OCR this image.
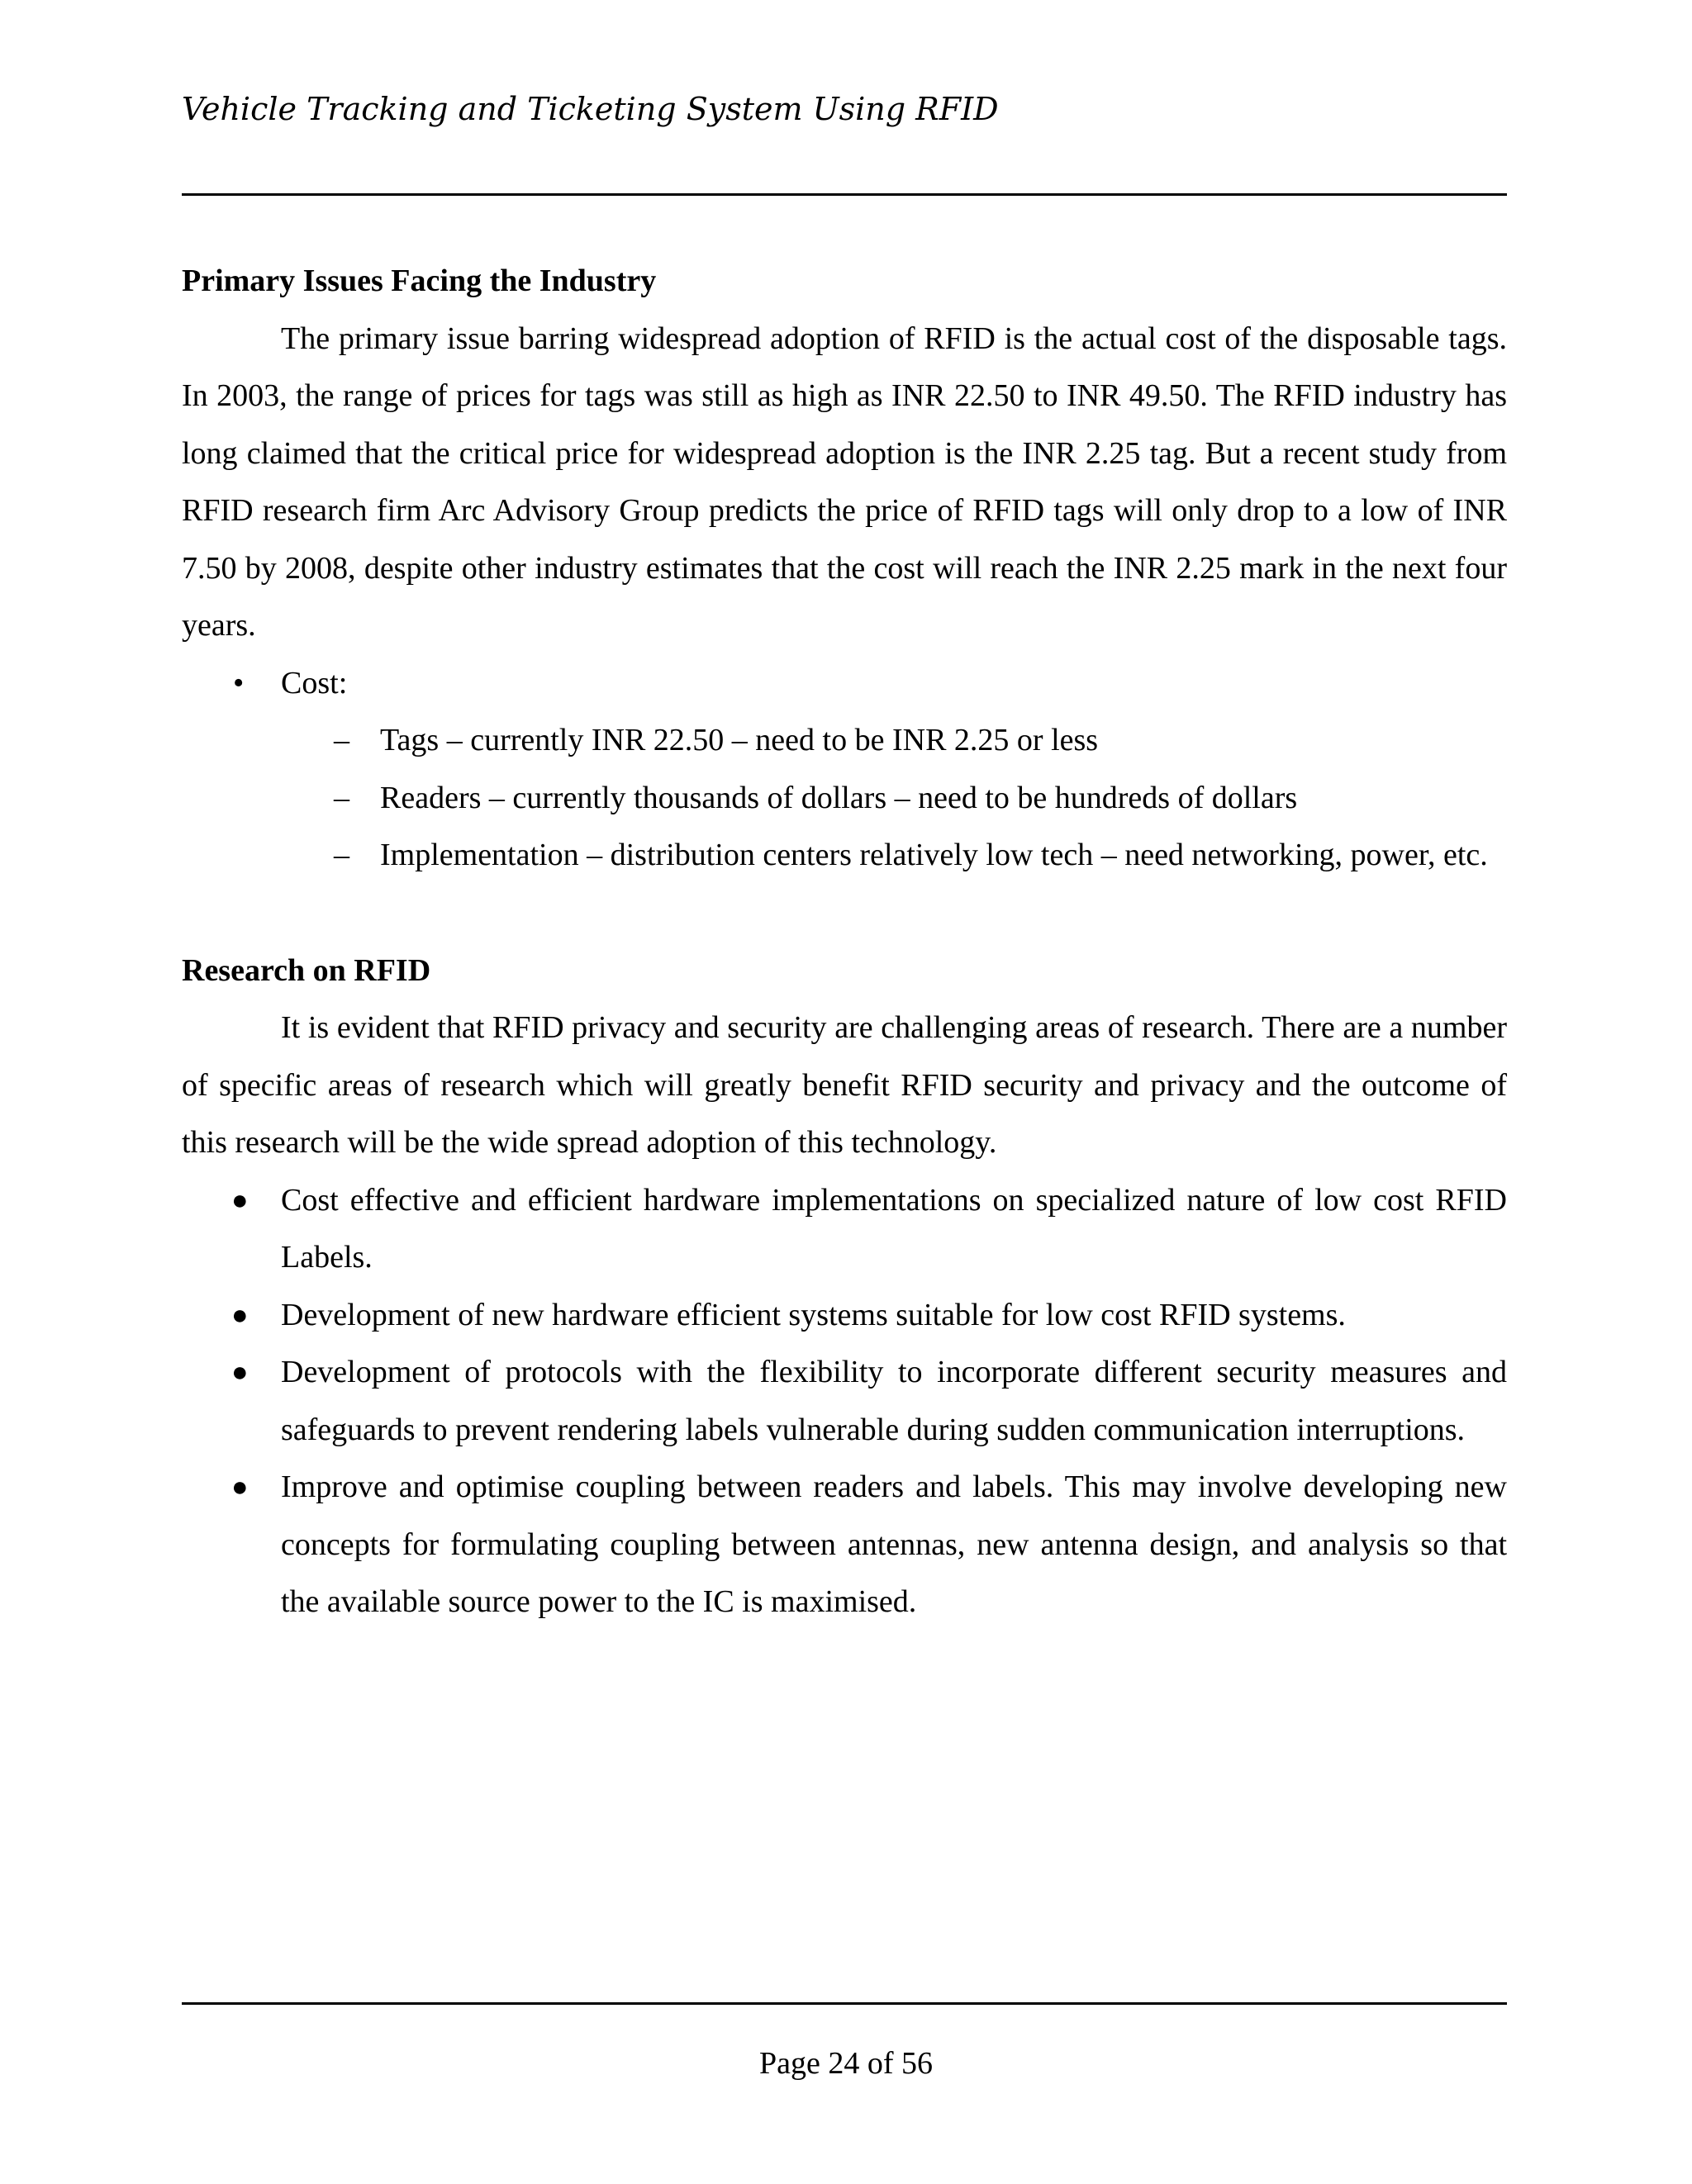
Vehicle Tracking and Ticketing System Using RFID
Primary Issues Facing the Industry

The primary issue barring widespread adoption of RFID is the actual cost of the disposable tags. In 2003, the range of prices for tags was still as high as INR 22.50 to INR 49.50. The RFID industry has long claimed that the critical price for widespread adoption is the INR 2.25 tag. But a recent study from RFID research firm Arc Advisory Group predicts the price of RFID tags will only drop to a low of INR 7.50 by 2008, despite other industry estimates that the cost will reach the INR 2.25 mark in the next four years.

• Cost:
– Tags – currently INR 22.50 – need to be INR 2.25 or less
– Readers – currently thousands of dollars – need to be hundreds of dollars
– Implementation – distribution centers relatively low tech – need networking, power, etc.
Research on RFID

It is evident that RFID privacy and security are challenging areas of research. There are a number of specific areas of research which will greatly benefit RFID security and privacy and the outcome of this research will be the wide spread adoption of this technology.

● Cost effective and efficient hardware implementations on specialized nature of low cost RFID Labels.
● Development of new hardware efficient systems suitable for low cost RFID systems.
● Development of protocols with the flexibility to incorporate different security measures and safeguards to prevent rendering labels vulnerable during sudden communication interruptions.
● Improve and optimise coupling between readers and labels. This may involve developing new concepts for formulating coupling between antennas, new antenna design, and analysis so that the available source power to the IC is maximised.
Page 24 of 56
